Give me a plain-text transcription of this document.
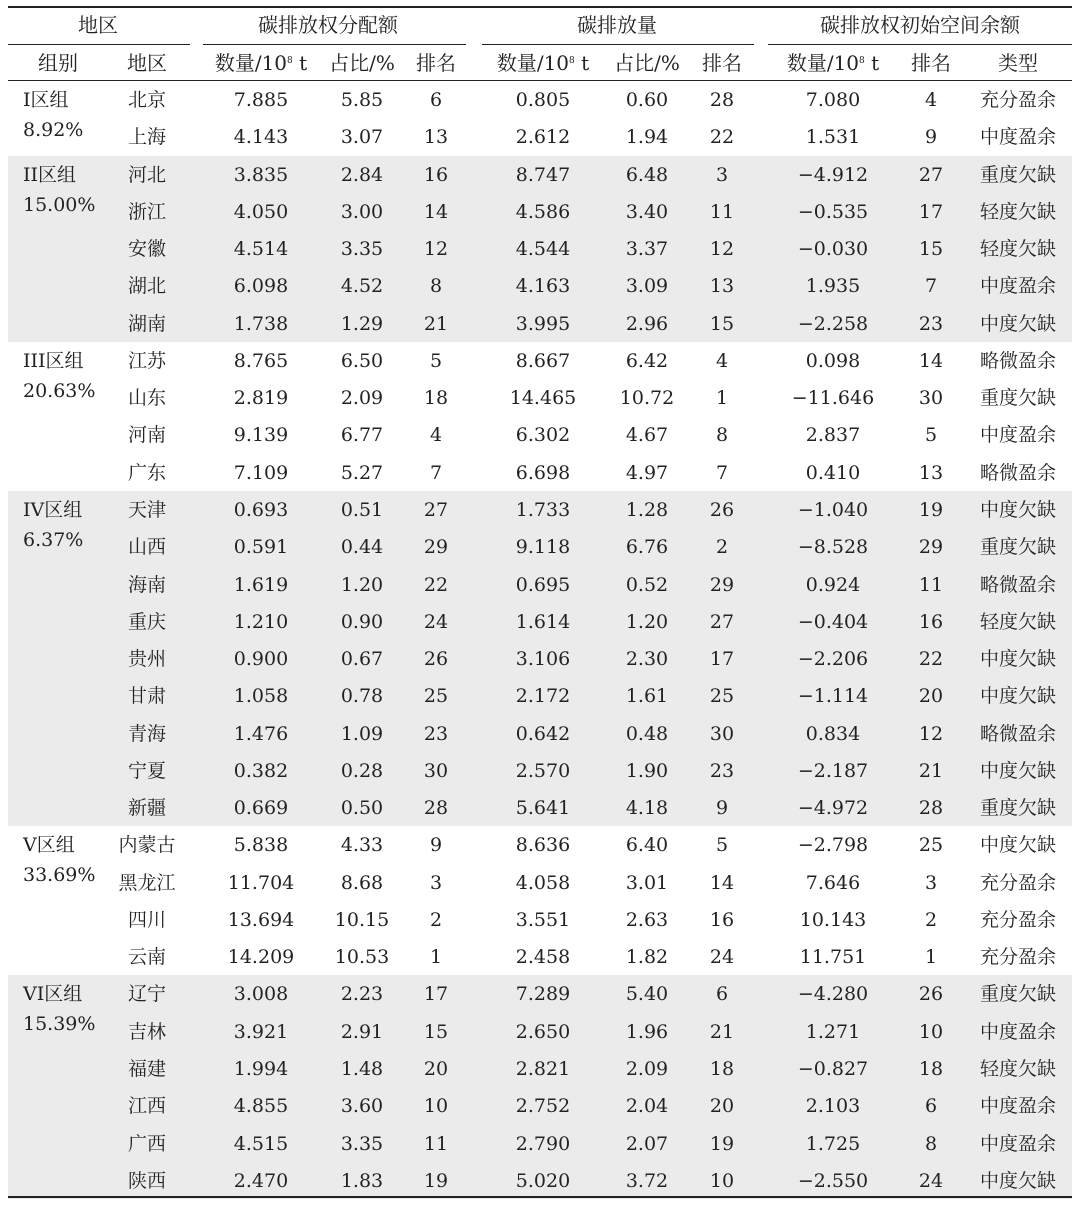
地区	碳排放权分配额	碳排放量	碳排放权初始空间余额
组别 地区 数量$/10^8$ t 占比/% 排名 数量$/10^8$ t 占比/% 排名 数量$/10^8$ t 排名 类型
I区组
8.92%
北京	7.885	5.85 6	0.805	0.60 28	7.080	4 充分盈余
上海	4.143	3.07 13	2.612	1.94 22	1.531	9 中度盈余
II区组
15.00%
河北	3.835	2.84 16	8.747	6.48	3	−4.912	27 重度欠缺
浙江	4.050	3.00 14	4.586	3.40 11	−0.535	17 轻度欠缺
安徽	4.514	3.35 12	4.544	3.37 12	−0.030	15 轻度欠缺
湖北	6.098	4.52 8	4.163	3.09 13	1.935	7 中度盈余
湖南	1.738	1.29 21	3.995	2.96 15	−2.258	23 中度欠缺
III区组
20.63%
江苏	8.765	6.50 5	8.667	6.42	4	0.098	14 略微盈余
山东	2.819	2.09 18	14.465 10.72 1	−11.646 30 重度欠缺
河南	9.139	6.77 4	6.302	4.67	8	2.837	5 中度盈余
广东	7.109	5.27 7	6.698	4.97	7	0.410	13 略微盈余
IV区组
6.37%
天津	0.693	0.51 27	1.733	1.28 26	−1.040	19 中度欠缺
山西	0.591	0.44 29	9.118	6.76	2	−8.528	29 重度欠缺
海南	1.619	1.20 22	0.695	0.52 29	0.924	11 略微盈余
重庆	1.210	0.90 24	1.614	1.20 27	−0.404	16 轻度欠缺
贵州	0.900	0.67 26	3.106	2.30 17	−2.206	22 中度欠缺
甘肃	1.058	0.78 25	2.172	1.61 25	−1.114	20 中度欠缺
青海	1.476	1.09 23	0.642	0.48 30	0.834	12 略微盈余
宁夏	0.382	0.28 30	2.570	1.90 23	−2.187	21 中度欠缺
新疆	0.669	0.50 28	5.641	4.18	9	−4.972	28 重度欠缺
V区组
33.69%
内蒙古	5.838	4.33 9	8.636	6.40	5	−2.798	25 中度欠缺
黑龙江	11.704 8.68 3	4.058	3.01 14	7.646	3 充分盈余
四川	13.694 10.15 2	3.551	2.63 16	10.143	2 充分盈余
云南	14.209 10.53 1	2.458	1.82 24	11.751	1 充分盈余
VI区组
15.39%
辽宁	3.008	2.23 17	7.289	5.40	6	−4.280	26 重度欠缺
吉林	3.921	2.91 15	2.650	1.96 21	1.271	10 中度盈余
福建	1.994	1.48 20	2.821	2.09 18	−0.827	18 轻度欠缺
江西	4.855	3.60 10	2.752	2.04 20	2.103	6 中度盈余
广西	4.515	3.35 11	2.790	2.07 19	1.725	8 中度盈余
陕西	2.470	1.83 19	5.020	3.72 10	−2.550	24 中度欠缺
